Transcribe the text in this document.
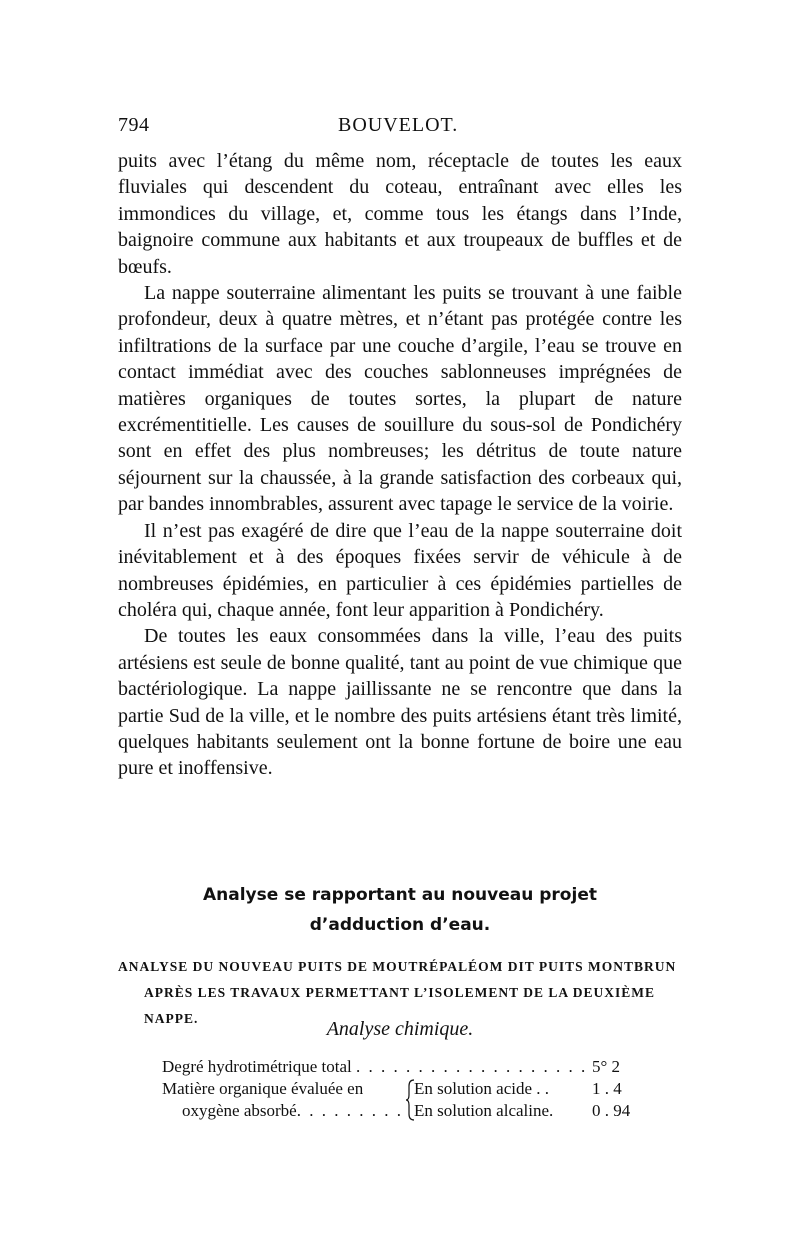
794	BOUVELOT.

puits avec l’étang du même nom, réceptacle de toutes les eaux fluviales qui descendent du coteau, entraînant avec elles les immondices du village, et, comme tous les étangs dans l’Inde, baignoire commune aux habitants et aux troupeaux de buffles et de bœufs.

La nappe souterraine alimentant les puits se trouvant à une faible profondeur, deux à quatre mètres, et n’étant pas protégée contre les infiltrations de la surface par une couche d’argile, l’eau se trouve en contact immédiat avec des couches sablonneuses imprégnées de matières organiques de toutes sortes, la plupart de nature excrémentitielle. Les causes de souillure du sous-sol de Pondichéry sont en effet des plus nombreuses; les détritus de toute nature séjournent sur la chaussée, à la grande satisfaction des corbeaux qui, par bandes innombrables, assurent avec tapage le service de la voirie.

Il n’est pas exagéré de dire que l’eau de la nappe souterraine doit inévitablement et à des époques fixées servir de véhicule à de nombreuses épidémies, en particulier à ces épidémies partielles de choléra qui, chaque année, font leur apparition à Pondichéry.

De toutes les eaux consommées dans la ville, l’eau des puits artésiens est seule de bonne qualité, tant au point de vue chimique que bactériologique. La nappe jaillissante ne se rencontre que dans la partie Sud de la ville, et le nombre des puits artésiens étant très limité, quelques habitants seulement ont la bonne fortune de boire une eau pure et inoffensive.

Analyse se rapportant au nouveau projet
d’adduction d’eau.
ANALYSE DU NOUVEAU PUITS DE MOUTRÉPALÉOM DIT PUITS MONTBRUN
APRÈS LES TRAVAUX PERMETTANT L’ISOLEMENT DE LA DEUXIÈME
NAPPE.	Analyse chimique.
Degré hydrotimétrique total . . . . . . . . . . . . . . . . . . . 5° 2
Matière organique évaluée en	En solution acide . .	1 . 4
oxygène absorbé. . . . . . . . . En solution alcaline. 0 . 94
